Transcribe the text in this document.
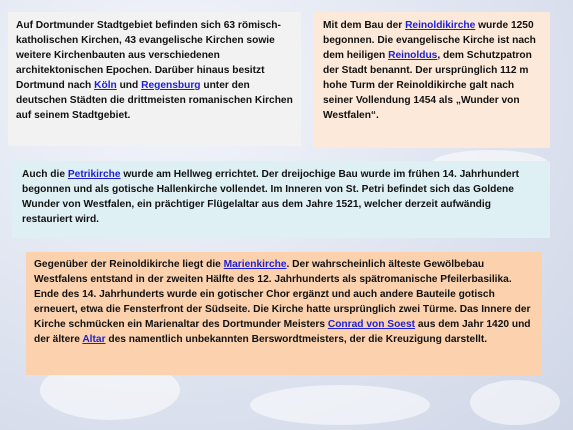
Auf Dortmunder Stadtgebiet befinden sich 63 römisch-katholischen Kirchen, 43 evangelische Kirchen sowie weitere Kirchenbauten aus verschiedenen architektonischen Epochen. Darüber hinaus besitzt Dortmund nach Köln und Regensburg unter den deutschen Städten die drittmeisten romanischen Kirchen auf seinem Stadtgebiet.

Mit dem Bau der Reinoldikirche wurde 1250 begonnen. Die evangelische Kirche ist nach dem heiligen Reinoldus, dem Schutzpatron der Stadt benannt. Der ursprünglich 112 m hohe Turm der Reinoldikirche galt nach seiner Vollendung 1454 als „Wunder von Westfalen“.

Auch die Petrikirche wurde am Hellweg errichtet. Der dreijochige Bau wurde im frühen 14. Jahrhundert begonnen und als gotische Hallenkirche vollendet. Im Inneren von St. Petri befindet sich das Goldene Wunder von Westfalen, ein prächtiger Flügelaltar aus dem Jahre 1521, welcher derzeit aufwändig restauriert wird.

Gegenüber der Reinoldikirche liegt die Marienkirche. Der wahrscheinlich älteste Gewölbebau Westfalens entstand in der zweiten Hälfte des 12. Jahrhunderts als spätromanische Pfeilerbasilika. Ende des 14. Jahrhunderts wurde ein gotischer Chor ergänzt und auch andere Bauteile gotisch erneuert, etwa die Fensterfront der Südseite. Die Kirche hatte ursprünglich zwei Türme. Das Innere der Kirche schmücken ein Marienaltar des Dortmunder Meisters Conrad von Soest aus dem Jahr 1420 und der ältere Altar des namentlich unbekannten Berswordtmeisters, der die Kreuzigung darstellt.
